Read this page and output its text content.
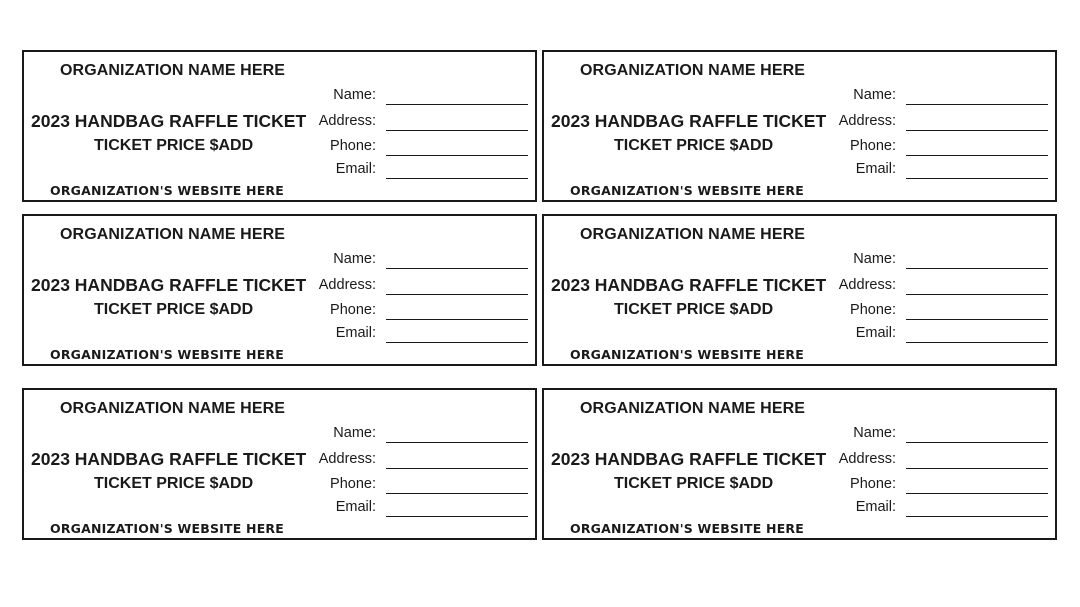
ORGANIZATION NAME HERE
2023 HANDBAG RAFFLE TICKET
TICKET PRICE $ADD
ORGANIZATION'S WEBSITE HERE
Name:
Address:
Phone:
Email:
ORGANIZATION NAME HERE
2023 HANDBAG RAFFLE TICKET
TICKET PRICE $ADD
ORGANIZATION'S WEBSITE HERE
Name:
Address:
Phone:
Email:
ORGANIZATION NAME HERE
2023 HANDBAG RAFFLE TICKET
TICKET PRICE $ADD
ORGANIZATION'S WEBSITE HERE
Name:
Address:
Phone:
Email:
ORGANIZATION NAME HERE
2023 HANDBAG RAFFLE TICKET
TICKET PRICE $ADD
ORGANIZATION'S WEBSITE HERE
Name:
Address:
Phone:
Email:
ORGANIZATION NAME HERE
2023 HANDBAG RAFFLE TICKET
TICKET PRICE $ADD
ORGANIZATION'S WEBSITE HERE
Name:
Address:
Phone:
Email:
ORGANIZATION NAME HERE
2023 HANDBAG RAFFLE TICKET
TICKET PRICE $ADD
ORGANIZATION'S WEBSITE HERE
Name:
Address:
Phone:
Email:
